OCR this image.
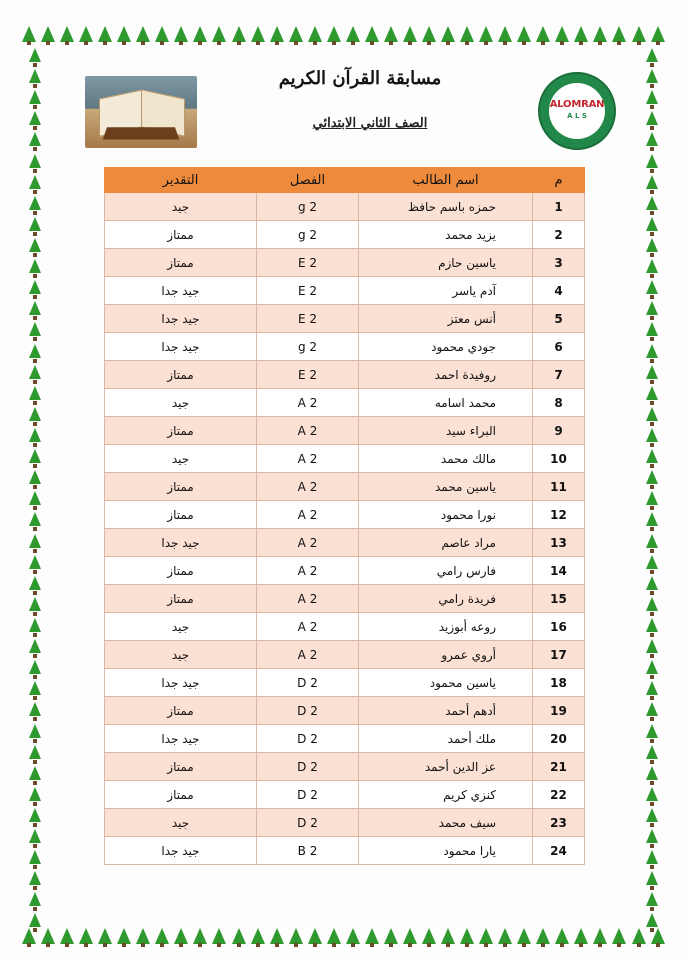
مسابقة القرآن الكريم
الصف الثاني الابتدائي
ALOMRAN
A L S
م	اسم الطالب	الفصل	التقدير
1	حمزه باسم حافظ	2 g	جيد
2	يزيد محمد	2 g	ممتاز
3	ياسين حازم	2 E	ممتاز
4	آدم ياسر	2 E	جيد جدا
5	أنس معتز	2 E	جيد جدا
6	جودي محمود	2 g	جيد جدا
7	روفيدة احمد	2 E	ممتاز
8	محمد اسامه	2 A	جيد
9	البراء سيد	2 A	ممتاز
10	مالك محمد	2 A	جيد
11	ياسين محمد	2 A	ممتاز
12	نورا محمود	2 A	ممتاز
13	مراد عاصم	2 A	جيد جدا
14	فارس رامي	2 A	ممتاز
15	فريدة رامي	2 A	ممتاز
16	روعه أبوزيد	2 A	جيد
17	أروي عمرو	2 A	جيد
18	ياسين محمود	2 D	جيد جدا
19	أدهم أحمد	2 D	ممتاز
20	ملك أحمد	2 D	جيد جدا
21	عز الدين أحمد	2 D	ممتاز
22	كنزي كريم	2 D	ممتاز
23	سيف محمد	2 D	جيد
24	يارا محمود	2 B	جيد جدا
